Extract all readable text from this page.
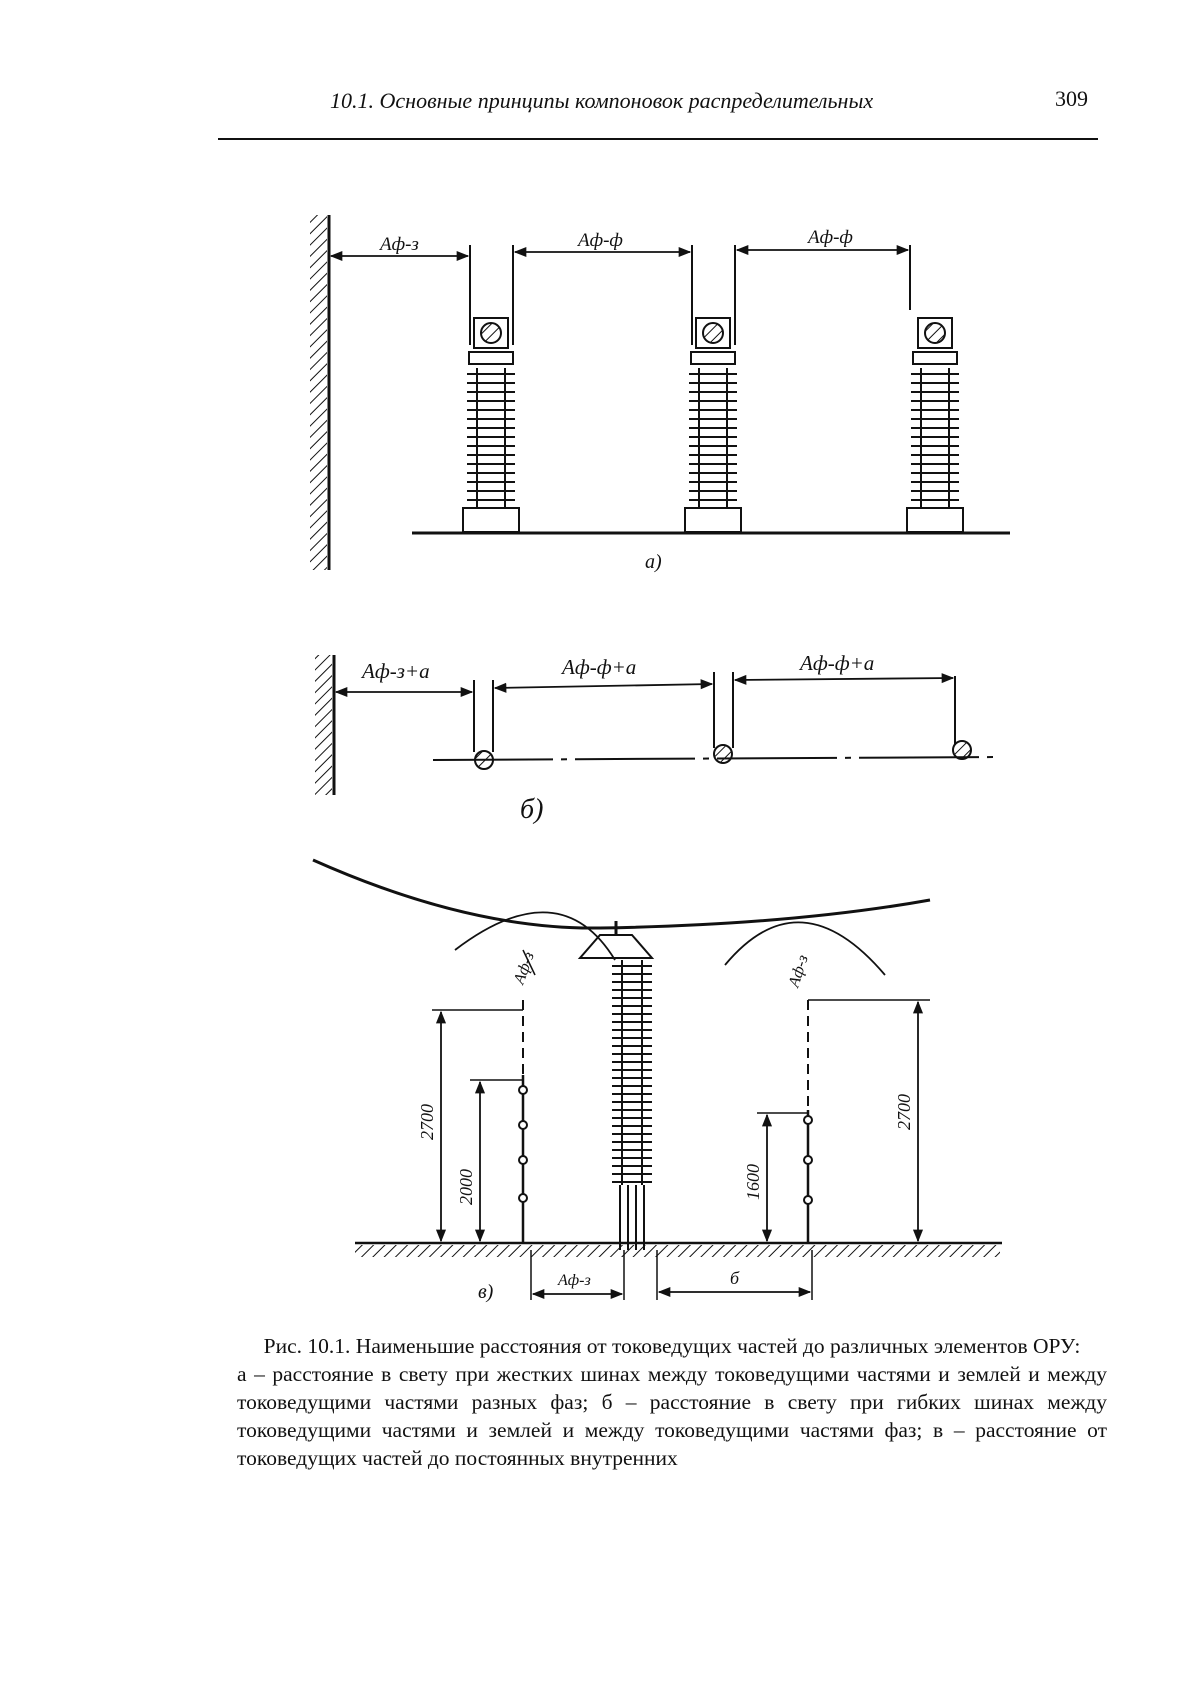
10.1. Основные принципы компоновок распределительных	309
Aф-з	Aф-ф	Aф-ф
а)
Aф-з+a	Aф-ф+a	Aф-ф+a
б)
2700
2000	1600
2700
Aф-з	Aф-з
Aф-з	б
в)

Рис. 10.1. Наименьшие расстояния от токоведущих частей до различных элементов ОРУ:

а – расстояние в свету при жестких шинах между токоведущими частями и землей и между токоведущими частями разных фаз; б – расстояние в свету при гибких шинах между токоведущими частями и землей и между токоведущими частями фаз; в – расстояние от токоведущих частей до постоянных внутренних
